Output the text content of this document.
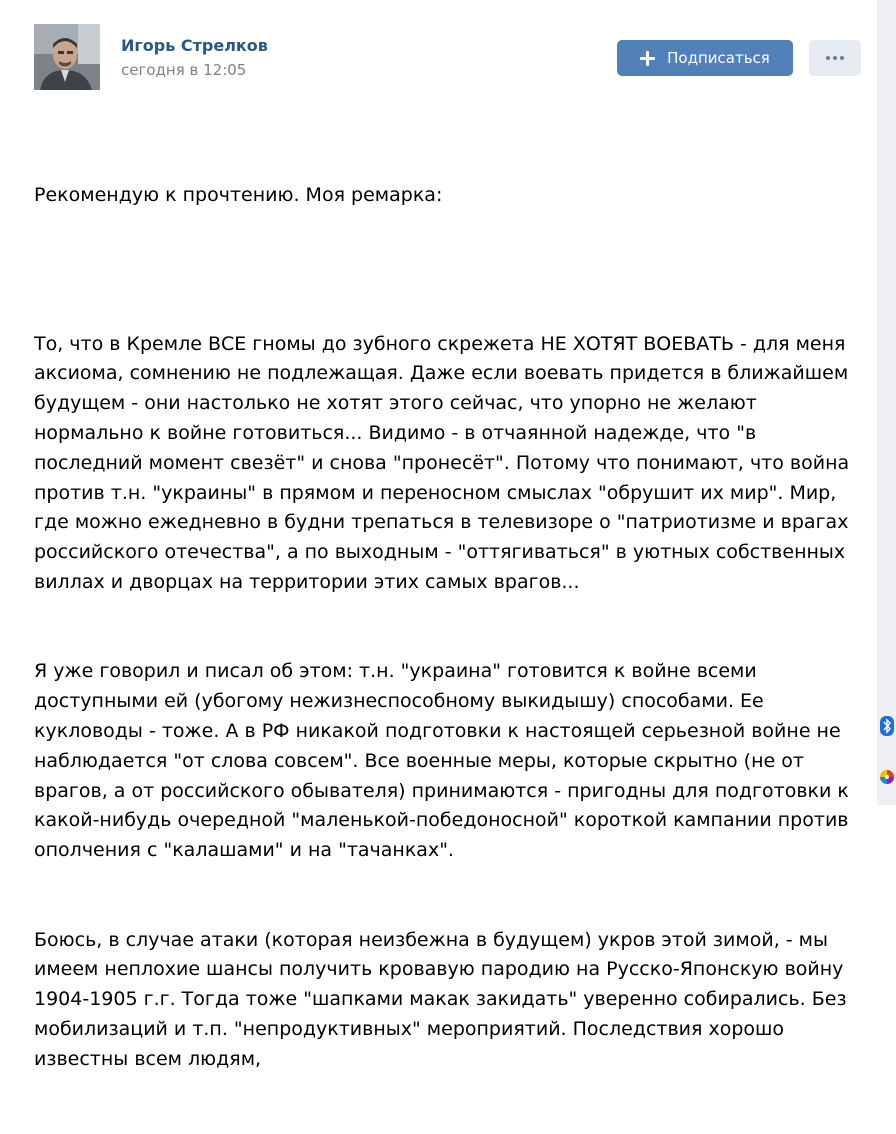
Игорь Стрелков
сегодня в 12:05
Подписаться

Рекомендую к прочтению. Моя ремарка:

То, что в Кремле ВСЕ гномы до зубного скрежета НЕ ХОТЯТ ВОЕВАТЬ - для меня аксиома, сомнению не подлежащая. Даже если воевать придется в ближайшем будущем - они настолько не хотят этого сейчас, что упорно не желают нормально к войне готовиться... Видимо - в отчаянной надежде, что "в последний момент свезёт" и снова "пронесёт". Потому что понимают, что война против т.н. "украины" в прямом и переносном смыслах "обрушит их мир". Мир, где можно ежедневно в будни трепаться в телевизоре о "патриотизме и врагах российского отечества", а по выходным - "оттягиваться" в уютных собственных виллах и дворцах на территории этих самых врагов...

Я уже говорил и писал об этом: т.н. "украина" готовится к войне всеми доступными ей (убогому нежизнеспособному выкидышу) способами. Ее кукловоды - тоже. А в РФ никакой подготовки к настоящей серьезной войне не наблюдается "от слова совсем". Все военные меры, которые скрытно (не от врагов, а от российского обывателя) принимаются - пригодны для подготовки к какой-нибудь очередной "маленькой-победоносной" короткой кампании против ополчения с "калашами" и на "тачанках".

Боюсь, в случае атаки (которая неизбежна в будущем) укров этой зимой, - мы имеем неплохие шансы получить кровавую пародию на Русско-Японскую войну 1904-1905 г.г. Тогда тоже "шапками макак закидать" уверенно собирались. Без мобилизаций и т.п. "непродуктивных" мероприятий. Последствия хорошо известны всем людям,
